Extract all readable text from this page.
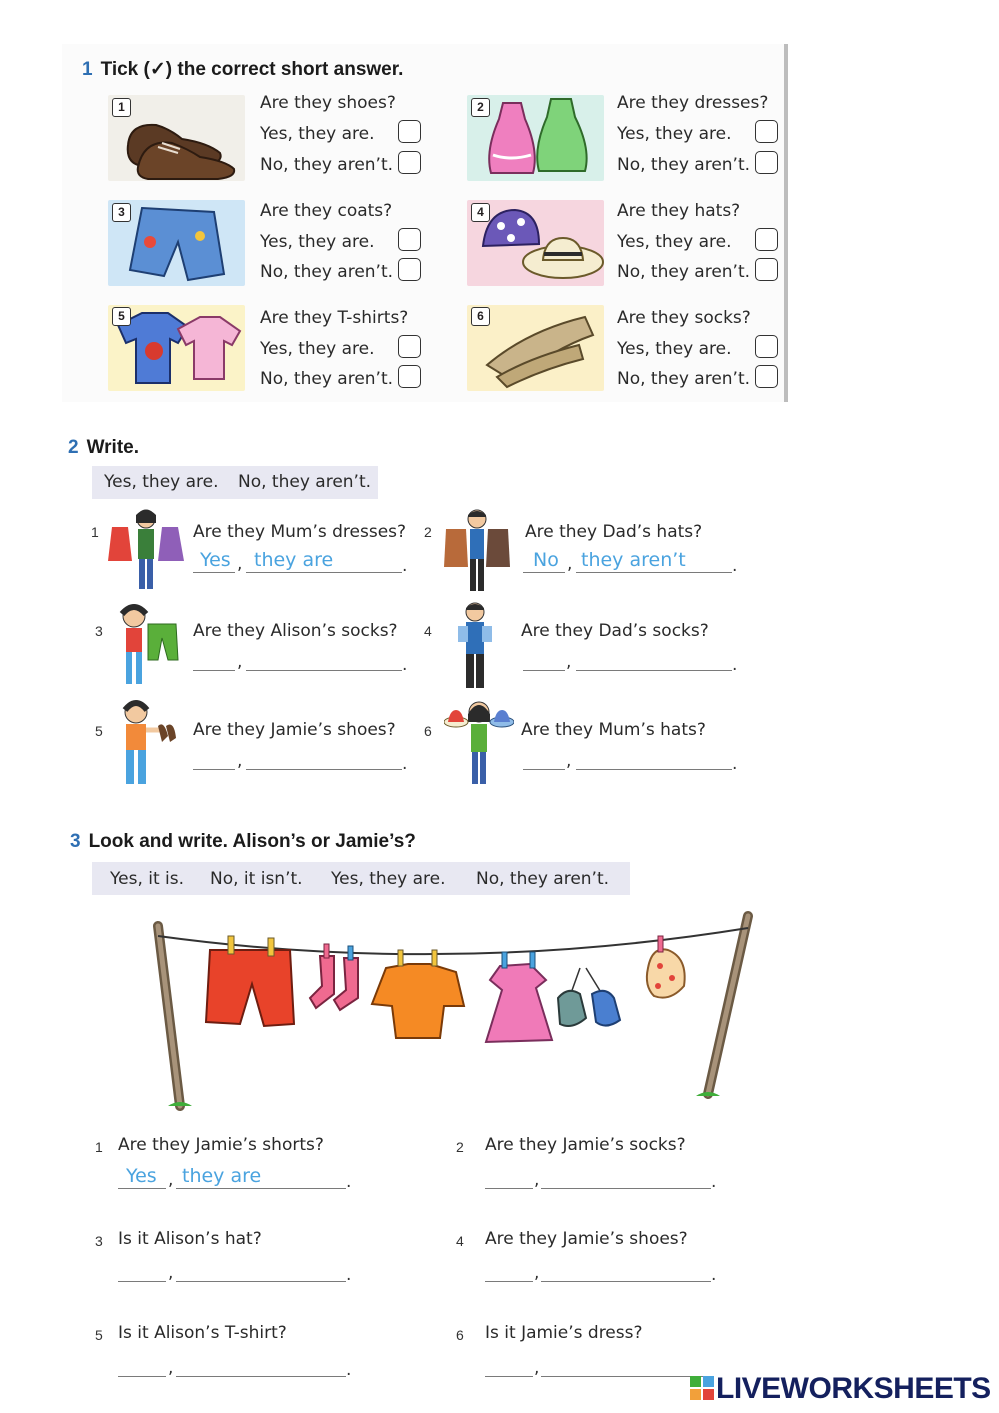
1 Tick (✓) the correct short answer.
1	Are they shoes?
Yes, they are.
No, they aren’t.
2	Are they dresses?
Yes, they are.
No, they aren’t.
3	Are they coats?
Yes, they are.
No, they aren’t.
4	Are they hats?
Yes, they are.
No, they aren’t.
5	Are they T-shirts?
Yes, they are.
No, they aren’t.
6	Are they socks?
Yes, they are.
No, they aren’t.
2 Write.
Yes, they are. No, they aren’t.
1	Are they Mum’s dresses?
Yes , they are	.
2	Are they Dad’s hats?
No , they aren’t	.
3	Are they Alison’s socks?
,	.
4	Are they Dad’s socks?
,	.
5	Are they Jamie’s shoes?
,	.
6	Are they Mum’s hats?
,	.
3 Look and write. Alison’s or Jamie’s?
Yes, it is. No, it isn’t. Yes, they are. No, they aren’t.
1 Are they Jamie’s shorts?
Yes , they are	.
2 Are they Jamie’s socks?
,	.
3 Is it Alison’s hat?
,	.
4 Are they Jamie’s shoes?
,	.
5 Is it Alison’s T-shirt?
,	.
6 Is it Jamie’s dress?
,
LIVEWORKSHEETS
